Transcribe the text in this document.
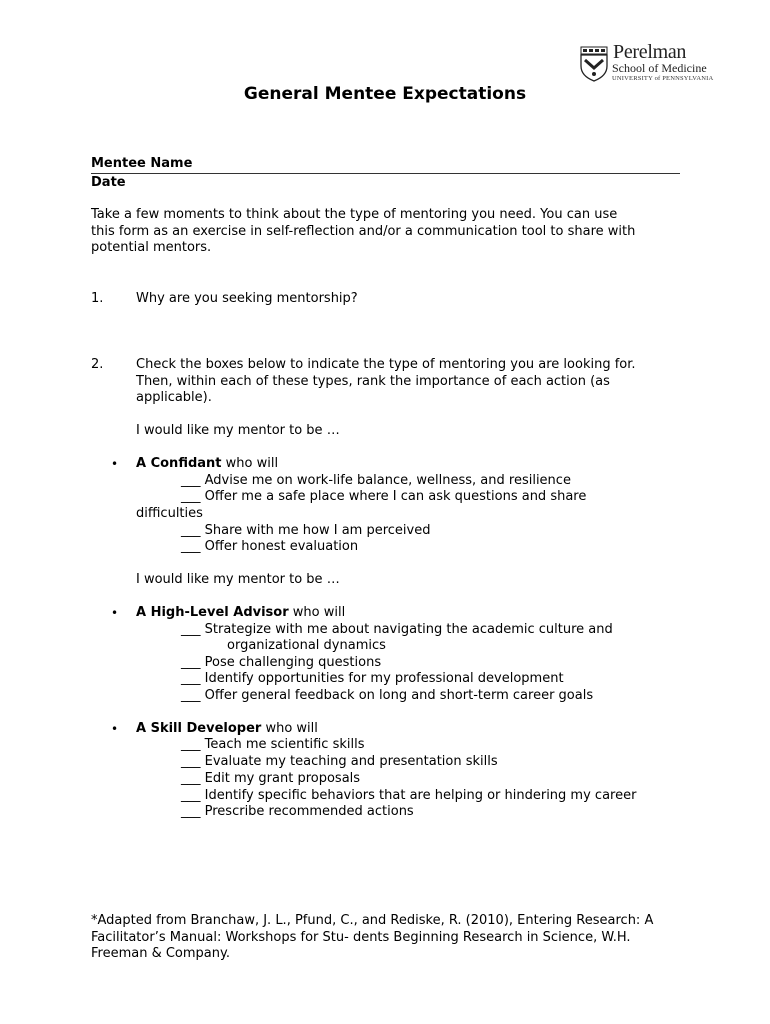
Perelman
School of Medicine
UNIVERSITY of PENNSYLVANIA
General Mentee Expectations
Mentee Name
Date
Take a few moments to think about the type of mentoring you need. You can use
this form as an exercise in self-reflection and/or a communication tool to share with
potential mentors.
1.	Why are you seeking mentorship?
2.	Check the boxes below to indicate the type of mentoring you are looking for.
Then, within each of these types, rank the importance of each action (as
applicable).
I would like my mentor to be …
• A Confidant who will
___ Advise me on work-life balance, wellness, and resilience
___ Offer me a safe place where I can ask questions and share
difficulties
___ Share with me how I am perceived
___ Offer honest evaluation
I would like my mentor to be …
• A High-Level Advisor who will
___ Strategize with me about navigating the academic culture and
organizational dynamics
___ Pose challenging questions
___ Identify opportunities for my professional development
___ Offer general feedback on long and short-term career goals
• A Skill Developer who will
___ Teach me scientific skills
___ Evaluate my teaching and presentation skills
___ Edit my grant proposals
___ Identify specific behaviors that are helping or hindering my career
___ Prescribe recommended actions
*Adapted from Branchaw, J. L., Pfund, C., and Rediske, R. (2010), Entering Research: A
Facilitator’s Manual: Workshops for Stu- dents Beginning Research in Science, W.H.
Freeman & Company.
